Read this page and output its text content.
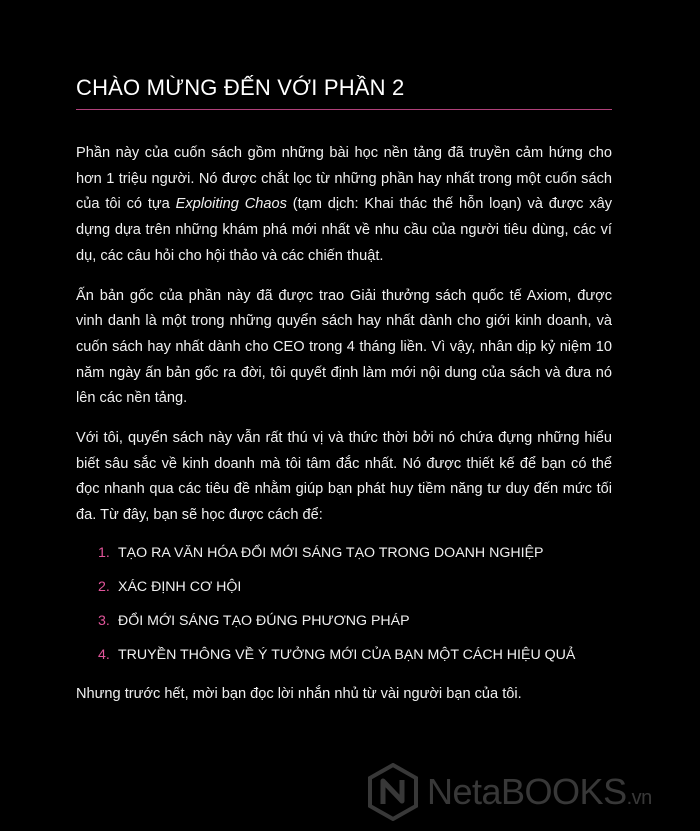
CHÀO MỪNG ĐẾN VỚI PHẦN 2

Phần này của cuốn sách gồm những bài học nền tảng đã truyền cảm hứng cho hơn 1 triệu người. Nó được chắt lọc từ những phần hay nhất trong một cuốn sách của tôi có tựa Exploiting Chaos (tạm dịch: Khai thác thế hỗn loạn) và được xây dựng dựa trên những khám phá mới nhất về nhu cầu của người tiêu dùng, các ví dụ, các câu hỏi cho hội thảo và các chiến thuật.

Ấn bản gốc của phần này đã được trao Giải thưởng sách quốc tế Axiom, được vinh danh là một trong những quyển sách hay nhất dành cho giới kinh doanh, và cuốn sách hay nhất dành cho CEO trong 4 tháng liền. Vì vậy, nhân dịp kỷ niệm 10 năm ngày ấn bản gốc ra đời, tôi quyết định làm mới nội dung của sách và đưa nó lên các nền tảng.

Với tôi, quyển sách này vẫn rất thú vị và thức thời bởi nó chứa đựng những hiểu biết sâu sắc về kinh doanh mà tôi tâm đắc nhất. Nó được thiết kế để bạn có thể đọc nhanh qua các tiêu đề nhằm giúp bạn phát huy tiềm năng tư duy đến mức tối đa. Từ đây, bạn sẽ học được cách để:

1. TẠO RA VĂN HÓA ĐỔI MỚI SÁNG TẠO TRONG DOANH NGHIỆP
2. XÁC ĐỊNH CƠ HỘI
3. ĐỔI MỚI SÁNG TẠO ĐÚNG PHƯƠNG PHÁP
4. TRUYỀN THÔNG VỀ Ý TƯỞNG MỚI CỦA BẠN MỘT CÁCH HIỆU QUẢ

Nhưng trước hết, mời bạn đọc lời nhắn nhủ từ vài người bạn của tôi.

NetaBOOKS.vn
